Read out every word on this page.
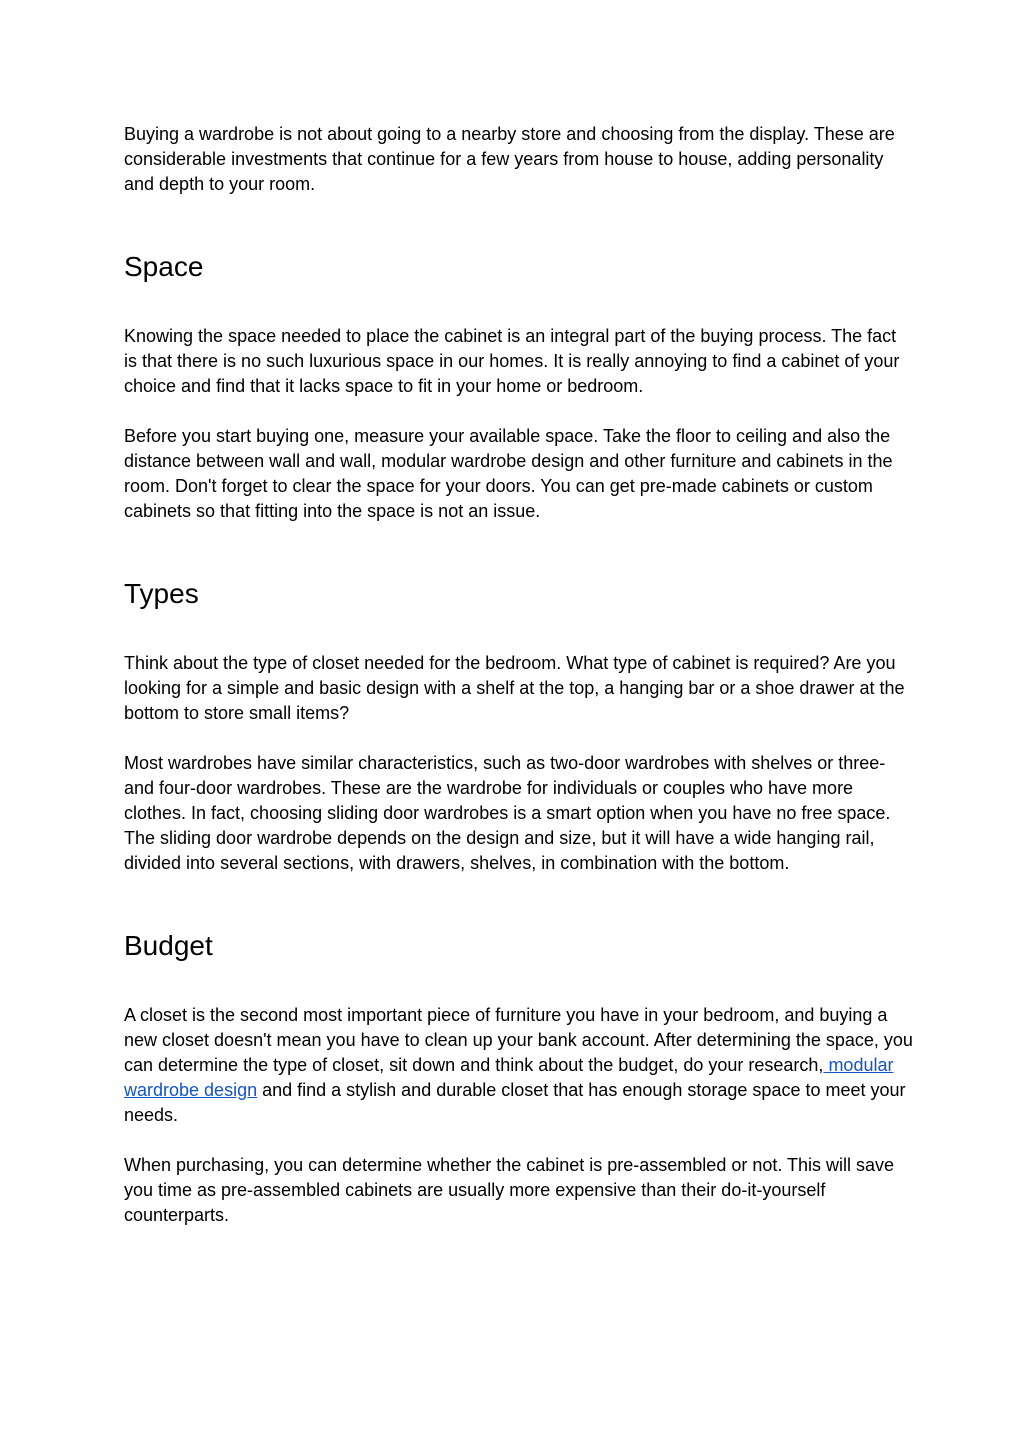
Buying a wardrobe is not about going to a nearby store and choosing from the display. These are considerable investments that continue for a few years from house to house, adding personality and depth to your room.

Space

Knowing the space needed to place the cabinet is an integral part of the buying process. The fact is that there is no such luxurious space in our homes. It is really annoying to find a cabinet of your choice and find that it lacks space to fit in your home or bedroom.

Before you start buying one, measure your available space. Take the floor to ceiling and also the distance between wall and wall, modular wardrobe design and other furniture and cabinets in the room. Don't forget to clear the space for your doors. You can get pre-made cabinets or custom cabinets so that fitting into the space is not an issue.

Types

Think about the type of closet needed for the bedroom. What type of cabinet is required? Are you looking for a simple and basic design with a shelf at the top, a hanging bar or a shoe drawer at the bottom to store small items?

Most wardrobes have similar characteristics, such as two-door wardrobes with shelves or three- and four-door wardrobes. These are the wardrobe for individuals or couples who have more clothes. In fact, choosing sliding door wardrobes is a smart option when you have no free space. The sliding door wardrobe depends on the design and size, but it will have a wide hanging rail, divided into several sections, with drawers, shelves, in combination with the bottom.

Budget

A closet is the second most important piece of furniture you have in your bedroom, and buying a new closet doesn't mean you have to clean up your bank account. After determining the space, you can determine the type of closet, sit down and think about the budget, do your research, modular wardrobe design and find a stylish and durable closet that has enough storage space to meet your needs.

When purchasing, you can determine whether the cabinet is pre-assembled or not. This will save you time as pre-assembled cabinets are usually more expensive than their do-it-yourself counterparts.
